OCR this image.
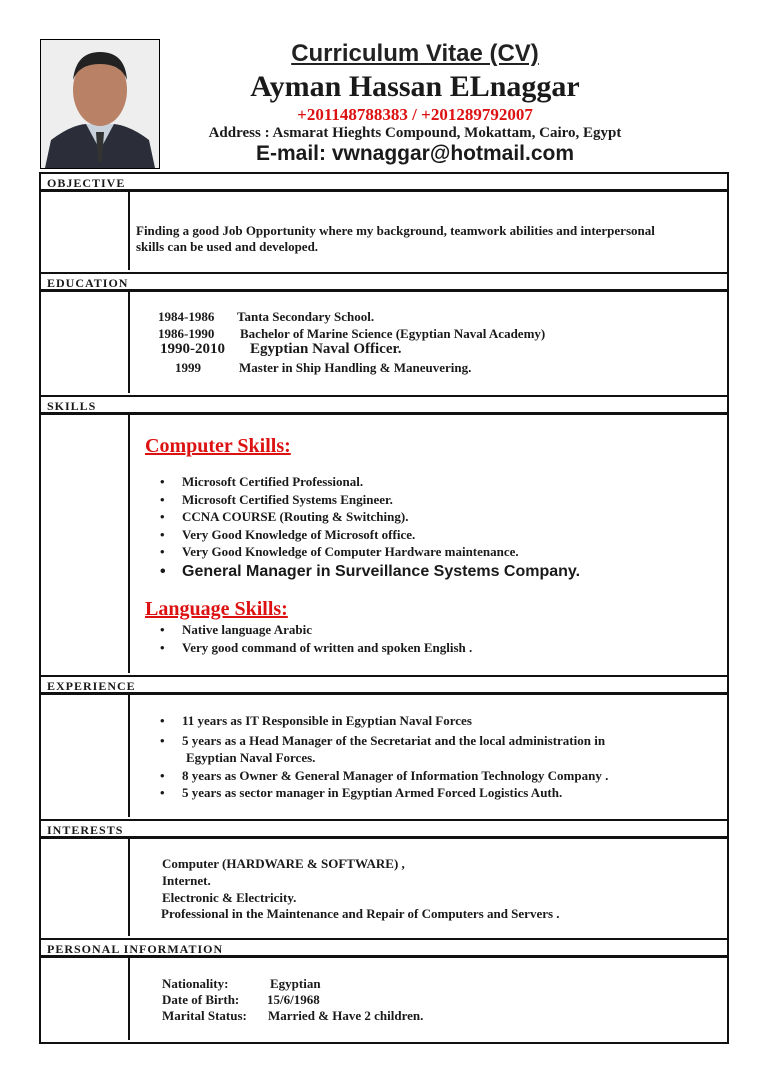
Curriculum Vitae (CV)
Ayman Hassan ELnaggar
+201148788383 / +201289792007
Address : Asmarat Hieghts Compound, Mokattam, Cairo, Egypt
E-mail: vwnaggar@hotmail.com
OBJECTIVE
Finding a good Job Opportunity where my background, teamwork abilities and interpersonal
skills can be used and developed.
EDUCATION
1984-1986 Tanta Secondary School.
1986-1990 Bachelor of Marine Science (Egyptian Naval Academy)
1990-2010 Egyptian Naval Officer.
1999	Master in Ship Handling & Maneuvering.
SKILLS
Computer Skills:
• Microsoft Certified Professional.
• Microsoft Certified Systems Engineer.
• CCNA COURSE (Routing & Switching).
• Very Good Knowledge of Microsoft office.
• Very Good Knowledge of Computer Hardware maintenance.
• General Manager in Surveillance Systems Company.
Language Skills:
• Native language Arabic
• Very good command of written and spoken English .
EXPERIENCE
• 11 years as IT Responsible in Egyptian Naval Forces
• 5 years as a Head Manager of the Secretariat and the local administration in
Egyptian Naval Forces.
• 8 years as Owner & General Manager of Information Technology Company .
• 5 years as sector manager in Egyptian Armed Forced Logistics Auth.
INTERESTS
Computer (HARDWARE & SOFTWARE) ,
Internet.
Electronic & Electricity.
Professional in the Maintenance and Repair of Computers and Servers .
PERSONAL INFORMATION
Nationality:	Egyptian
Date of Birth: 15/6/1968
Marital Status: Married & Have 2 children.
